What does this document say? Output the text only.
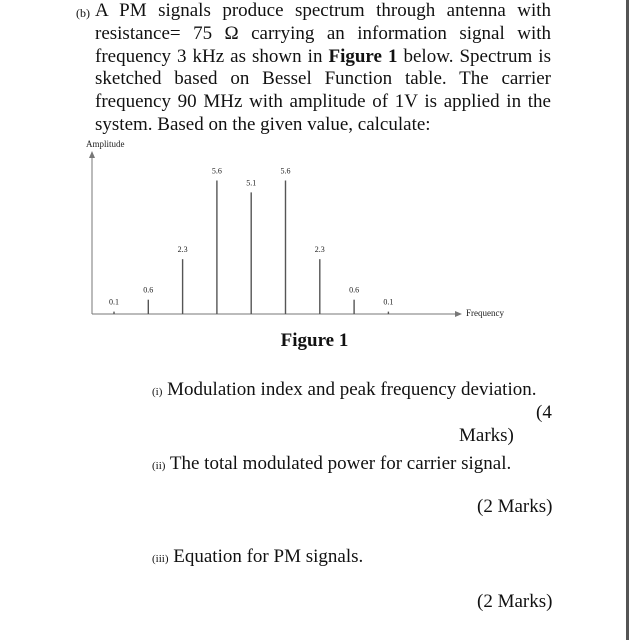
(b) A PM signals produce spectrum through antenna with resistance= 75 Ω carrying an information signal with frequency 3 kHz as shown in Figure 1 below. Spectrum is sketched based on Bessel Function table. The carrier frequency 90 MHz with amplitude of 1V is applied in the system. Based on the given value, calculate:
Amplitude
Frequency
0.1
0.6
2.3
5.6
5.1
5.6
2.3
0.6
0.1
Figure 1
(i) Modulation index and peak frequency deviation.
(4
Marks)
(ii) The total modulated power for carrier signal.
(2 Marks)
(iii) Equation for PM signals.
(2 Marks)
